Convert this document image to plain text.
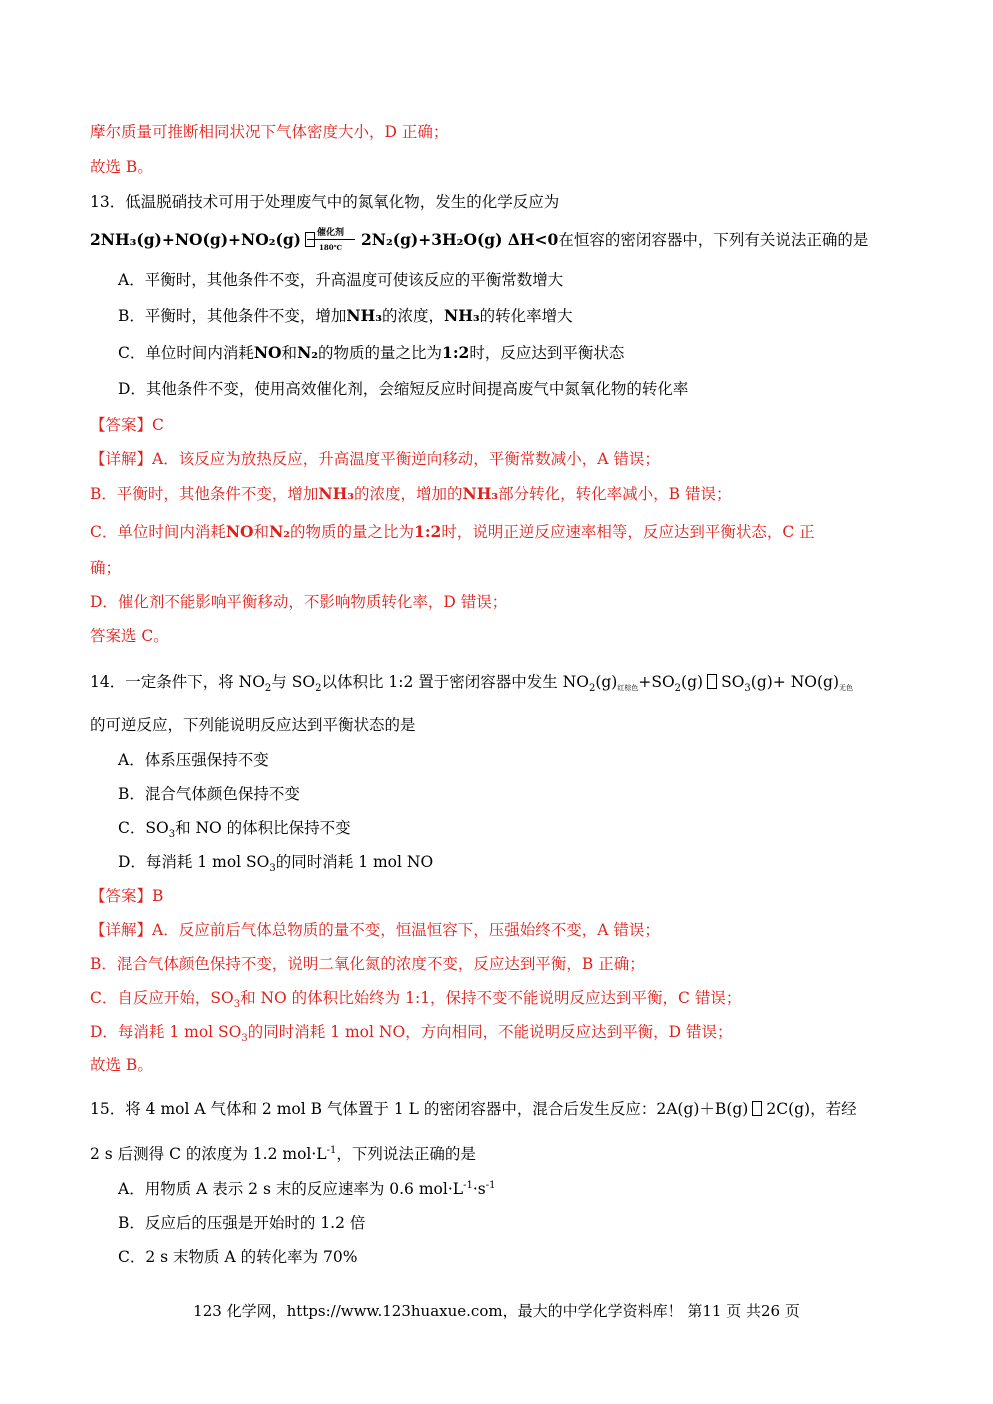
摩尔质量可推断相同状况下气体密度大小，D 正确；
故选 B。
13．低温脱硝技术可用于处理废气中的氮氧化物，发生的化学反应为
2NH₃(g)+NO(g)+NO₂(g) 催化剂
180℃ 2N₂(g)+3H₂O(g) ΔH<0在恒容的密闭容器中，下列有关说法正确的是
A．平衡时，其他条件不变，升高温度可使该反应的平衡常数增大
B．平衡时，其他条件不变，增加NH₃的浓度，NH₃的转化率增大
C．单位时间内消耗NO和N₂的物质的量之比为1:2时，反应达到平衡状态
D．其他条件不变，使用高效催化剂，会缩短反应时间提高废气中氮氧化物的转化率
【答案】C
【详解】A．该反应为放热反应，升高温度平衡逆向移动，平衡常数减小，A 错误；
B．平衡时，其他条件不变，增加NH₃的浓度，增加的NH₃部分转化，转化率减小，B 错误；
C．单位时间内消耗NO和N₂的物质的量之比为1:2时，说明正逆反应速率相等，反应达到平衡状态，C 正
确；
D．催化剂不能影响平衡移动，不影响物质转化率，D 错误；
答案选 C。
14．一定条件下，将 $NO_2$与 $SO_2$以体积比 1:2 置于密闭容器中发生 $NO_2(g)$红棕色$+SO_2(g)$ $SO_3(g)+ NO(g)$无色
的可逆反应，下列能说明反应达到平衡状态的是
A．体系压强保持不变
B．混合气体颜色保持不变
C．$SO_3$和 NO 的体积比保持不变
D．每消耗 1 mol $SO_3$的同时消耗 1 mol NO
【答案】B
【详解】A．反应前后气体总物质的量不变，恒温恒容下，压强始终不变，A 错误；
B．混合气体颜色保持不变，说明二氧化氮的浓度不变，反应达到平衡，B 正确；
C．自反应开始，$SO_3$和 NO 的体积比始终为 1:1，保持不变不能说明反应达到平衡，C 错误；
D．每消耗 1 mol $SO_3$的同时消耗 1 mol NO，方向相同，不能说明反应达到平衡，D 错误；
故选 B。
15．将 4 mol A 气体和 2 mol B 气体置于 1 L 的密闭容器中，混合后发生反应：2A(g)＋B(g) 2C(g)，若经
2 s 后测得 C 的浓度为 1.2 $mol\cdot L^{-1}$，下列说法正确的是
A．用物质 A 表示 2 s 末的反应速率为 0.6 $mol\cdot L^{-1}\cdot s^{-1}$
B．反应后的压强是开始时的 1.2 倍
C．2 s 末物质 A 的转化率为 70%
123 化学网，https://www.123huaxue.com，最大的中学化学资料库！ 第11 页 共26 页
